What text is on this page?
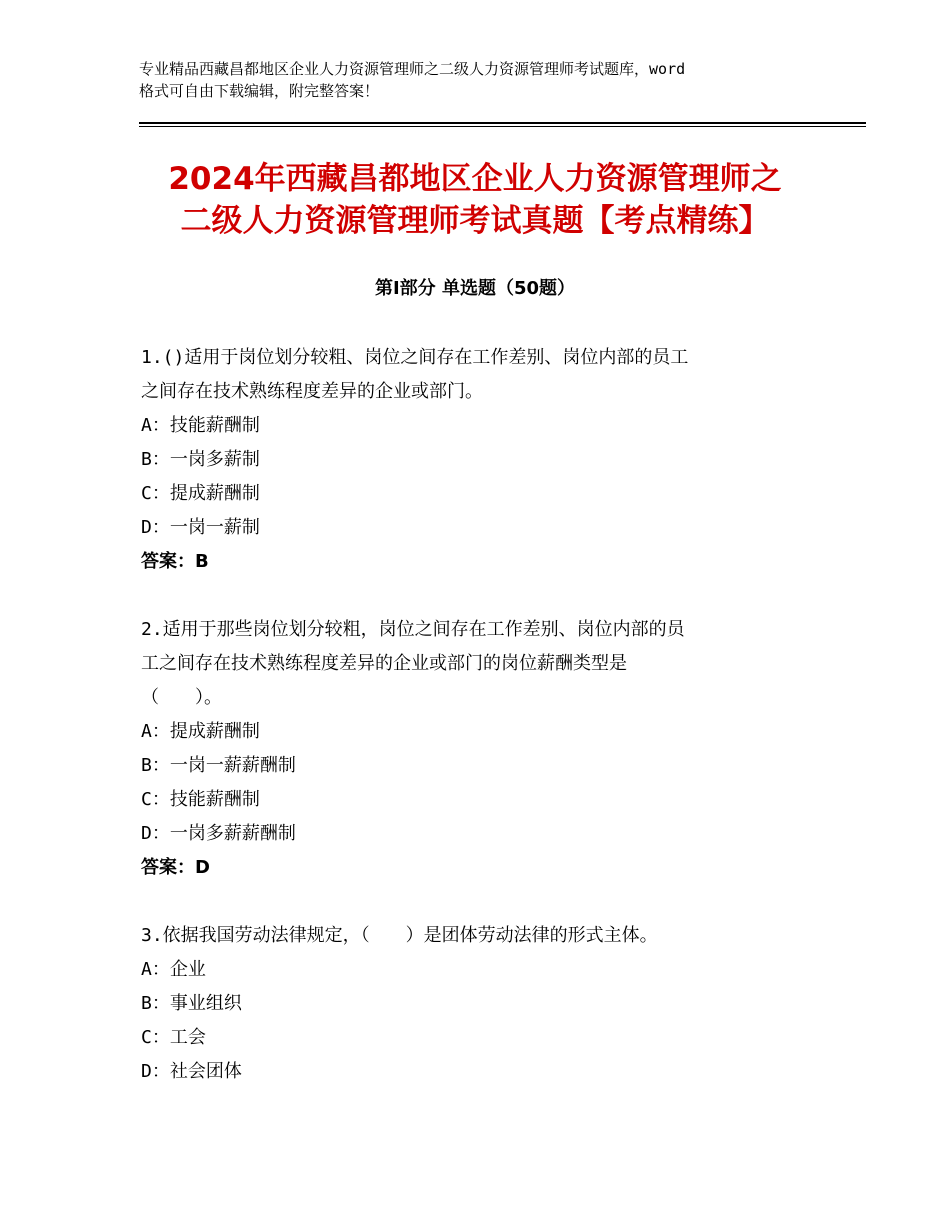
专业精品西藏昌都地区企业人力资源管理师之二级人力资源管理师考试题库，word
格式可自由下载编辑，附完整答案！
2024年西藏昌都地区企业人力资源管理师之
二级人力资源管理师考试真题【考点精练】
第Ⅰ部分 单选题（50题）
1.()适用于岗位划分较粗、岗位之间存在工作差别、岗位内部的员工
之间存在技术熟练程度差异的企业或部门。
A：技能薪酬制
B：一岗多薪制
C：提成薪酬制
D：一岗一薪制
答案：B
2.适用于那些岗位划分较粗，岗位之间存在工作差别、岗位内部的员
工之间存在技术熟练程度差异的企业或部门的岗位薪酬类型是
（　　）。
A：提成薪酬制
B：一岗一薪薪酬制
C：技能薪酬制
D：一岗多薪薪酬制
答案：D
3.依据我国劳动法律规定，（　　）是团体劳动法律的形式主体。
A：企业
B：事业组织
C：工会
D：社会团体
